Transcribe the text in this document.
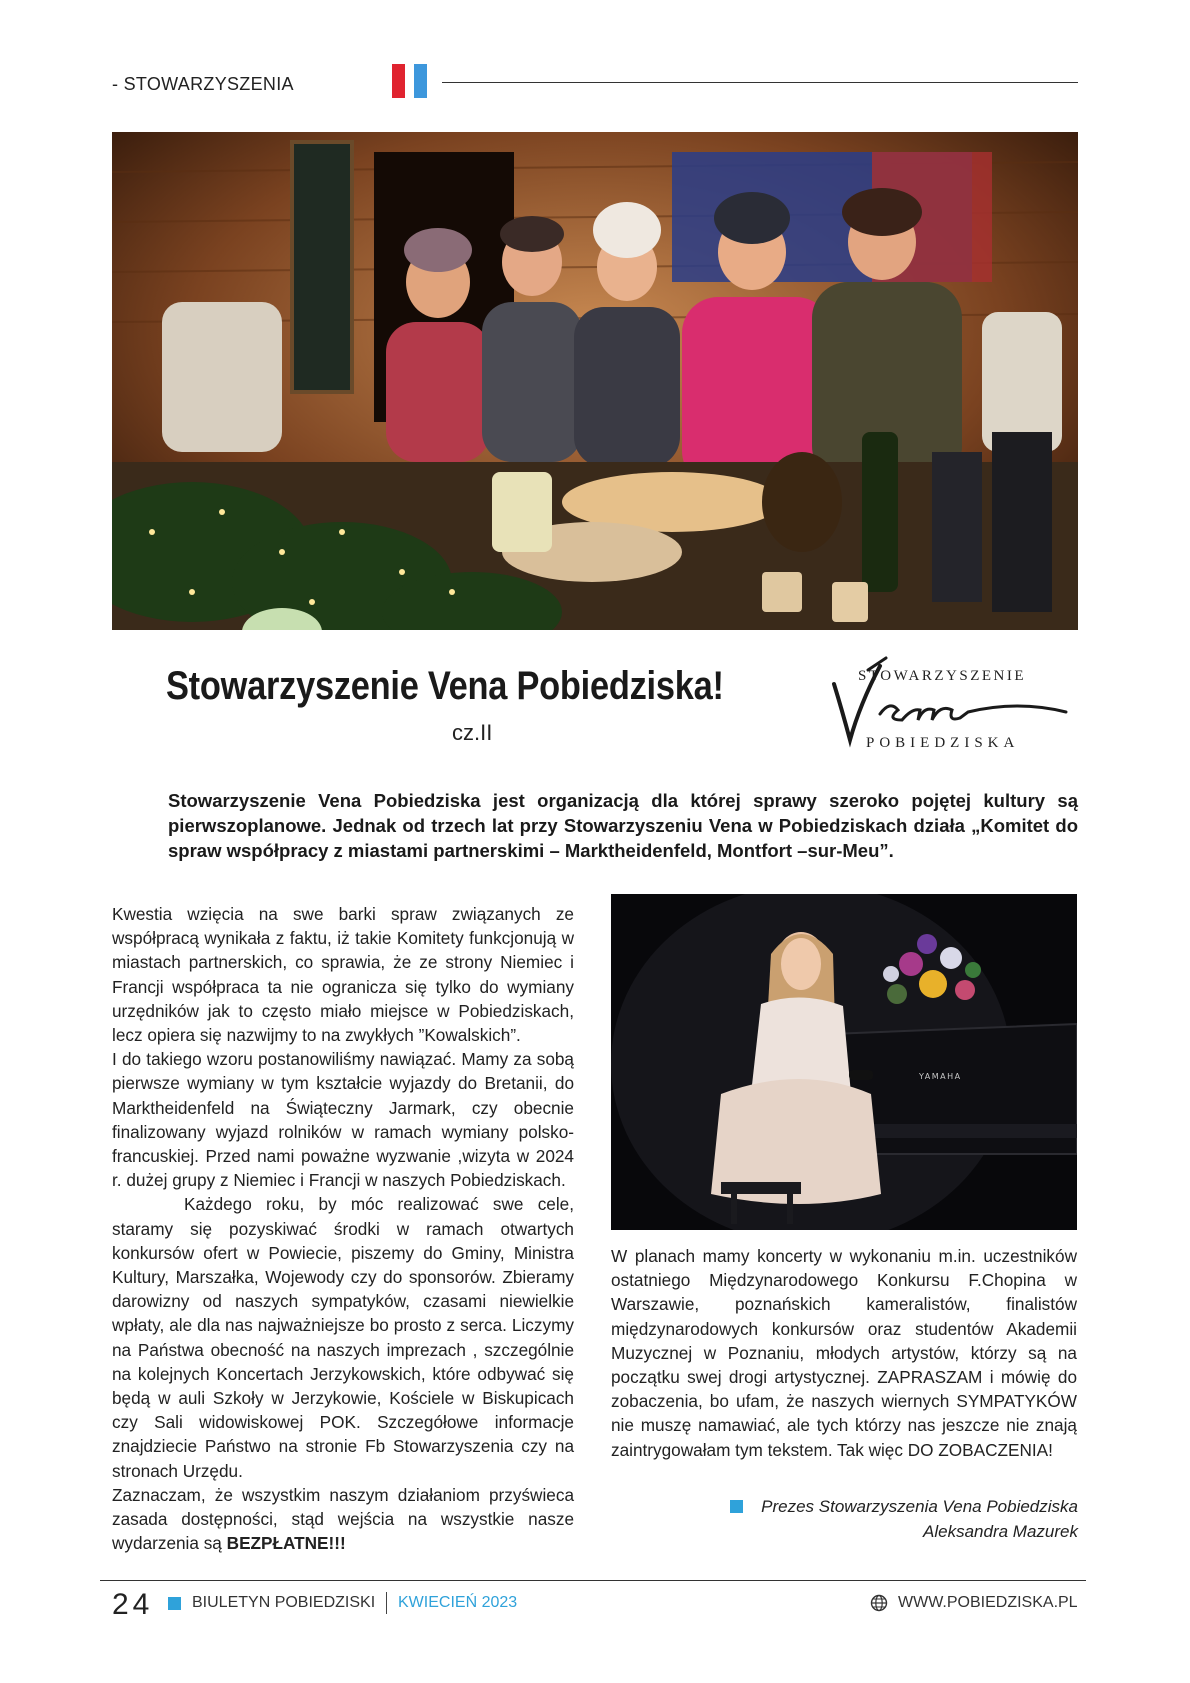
- STOWARZYSZENIA
Stowarzyszenie Vena Pobiedziska!
cz.II
STOWARZYSZENIE
POBIEDZISKA

Stowarzyszenie Vena Pobiedziska jest organizacją dla której sprawy szeroko pojętej kultury są pierwszoplanowe. Jednak od trzech lat przy Stowarzyszeniu Vena w Pobiedziskach działa „Komitet do spraw współpracy z miastami partnerskimi – Marktheidenfeld, Montfort –sur-Meu”.

Kwestia wzięcia na swe barki spraw związanych ze współpracą wynikała z faktu, iż takie Komitety funkcjonują w miastach partnerskich, co sprawia, że ze strony Niemiec i Francji współpraca ta nie ogranicza się tylko do wymiany urzędników jak to często miało miejsce w Pobiedziskach, lecz opiera się nazwijmy to na zwykłych ”Kowalskich”.

I do takiego wzoru postanowiliśmy nawiązać. Mamy za sobą pierwsze wymiany w tym kształcie wyjazdy do Bretanii, do Marktheidenfeld na Świąteczny Jarmark, czy obecnie finalizowany wyjazd rolników w ramach wymiany polsko-francuskiej. Przed nami poważne wyzwanie ,wizyta w 2024 r. dużej grupy z Niemiec i Francji w naszych Pobiedziskach.

Każdego roku, by móc realizować swe cele, staramy się pozyskiwać środki w ramach otwartych konkursów ofert w Powiecie, piszemy do Gminy, Ministra Kultury, Marszałka, Wojewody czy do sponsorów. Zbieramy darowizny od naszych sympatyków, czasami niewielkie wpłaty, ale dla nas najważniejsze bo prosto z serca. Liczymy na Państwa obecność na naszych imprezach , szczególnie na kolejnych Koncertach Jerzykowskich, które odbywać się będą w auli Szkoły w Jerzykowie, Kościele w Biskupicach czy Sali widowiskowej POK. Szczegółowe informacje znajdziecie Państwo na stronie Fb Stowarzyszenia czy na stronach Urzędu.

Zaznaczam, że wszystkim naszym działaniom przyświeca zasada dostępności, stąd wejścia na wszystkie nasze wydarzenia są BEZPŁATNE!!!

YAMAHA

W planach mamy koncerty w wykonaniu m.in. uczestników ostatniego Międzynarodowego Konkursu F.Chopina w Warszawie, poznańskich kameralistów, finalistów międzynarodowych konkursów oraz studentów Akademii Muzycznej w Poznaniu, młodych artystów, którzy są na początku swej drogi artystycznej. ZAPRASZAM i mówię do zobaczenia, bo ufam, że naszych wiernych SYMPATYKÓW nie muszę namawiać, ale tych którzy nas jeszcze nie znają zaintrygowałam tym tekstem. Tak więc DO ZOBACZENIA!

Prezes Stowarzyszenia Vena Pobiedziska
Aleksandra Mazurek
24 BIULETYN POBIEDZISKI KWIECIEŃ 2023	WWW.POBIEDZISKA.PL
